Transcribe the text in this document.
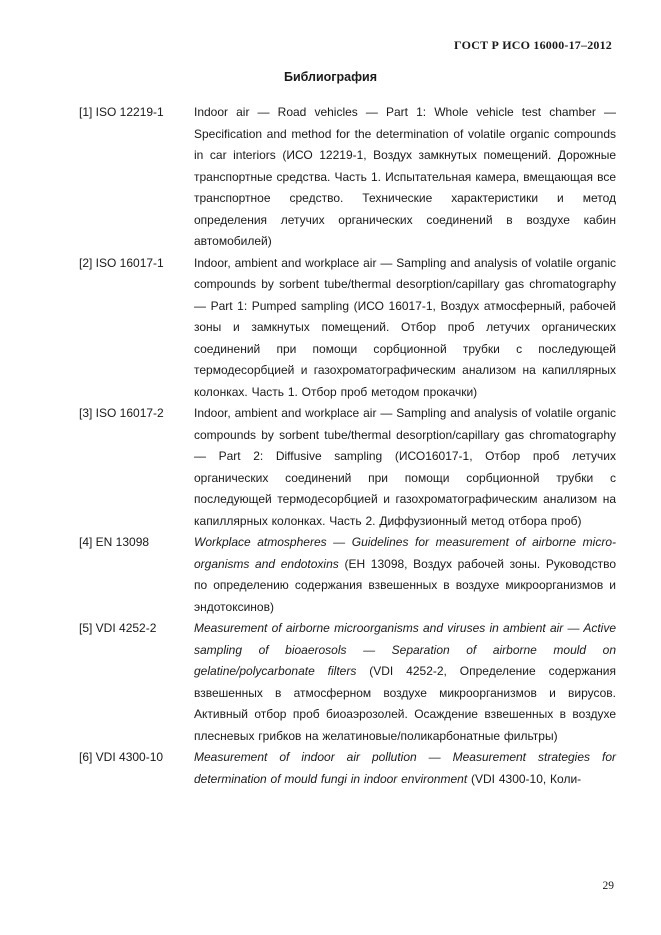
ГОСТ Р ИСО 16000-17–2012
Библиография
[1] ISO 12219-1	Indoor air — Road vehicles — Part 1: Whole vehicle test chamber — Specification and method for the determination of volatile organic compounds in car interiors (ИСО 12219-1, Воздух замкнутых помещений. Дорожные транспортные средства. Часть 1. Испытательная камера, вмещающая все транспортное средство. Технические характеристики и метод определения летучих органических соединений в воздухе кабин автомобилей)
[2] ISO 16017-1	Indoor, ambient and workplace air — Sampling and analysis of volatile organic compounds by sorbent tube/thermal desorption/capillary gas chromatography — Part 1: Pumped sampling (ИСО 16017-1, Воздух атмосферный, рабочей зоны и замкнутых помещений. Отбор проб летучих органических соединений при помощи сорбционной трубки с последующей термодесорбцией и газохроматографическим анализом на капиллярных колонках. Часть 1. Отбор проб методом прокачки)
[3] ISO 16017-2	Indoor, ambient and workplace air — Sampling and analysis of volatile organic compounds by sorbent tube/thermal desorption/capillary gas chromatography — Part 2: Diffusive sampling (ИСО16017-1, Отбор проб летучих органических соединений при помощи сорбционной трубки с последующей термодесорбцией и газохроматографическим анализом на капиллярных колонках. Часть 2. Диффузионный метод отбора проб)
[4] EN 13098	Workplace atmospheres — Guidelines for measurement of airborne micro-organisms and endotoxins (ЕН 13098, Воздух рабочей зоны. Руководство по определению содержания взвешенных в воздухе микроорганизмов и эндотоксинов)
[5] VDI 4252-2	Measurement of airborne microorganisms and viruses in ambient air — Active sampling of bioaerosols — Separation of airborne mould on gelatine/polycarbonate filters (VDI 4252-2, Определение содержания взвешенных в атмосферном воздухе микроорганизмов и вирусов. Активный отбор проб биоаэрозолей. Осаждение взвешенных в воздухе плесневых грибков на желатиновые/поликарбонатные фильтры)
[6] VDI 4300-10	Measurement of indoor air pollution — Measurement strategies for determination of mould fungi in indoor environment (VDI 4300-10, Коли-
29
